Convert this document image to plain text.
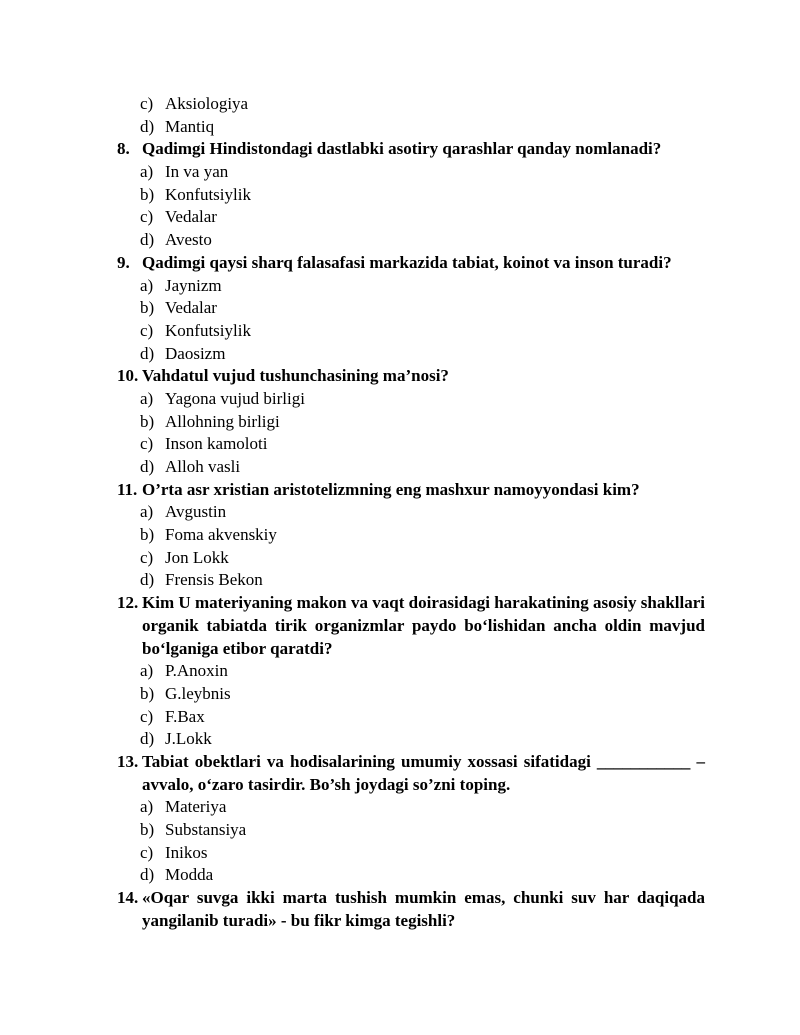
c) Aksiologiya
d) Mantiq
8. Qadimgi Hindistondagi dastlabki asotiry qarashlar qanday nomlanadi?
a) In va yan
b) Konfutsiylik
c) Vedalar
d) Avesto
9. Qadimgi qaysi sharq falasafasi markazida tabiat, koinot va inson turadi?
a) Jaynizm
b) Vedalar
c) Konfutsiylik
d) Daosizm
10. Vahdatul vujud tushunchasining ma’nosi?
a) Yagona vujud birligi
b) Allohning birligi
c) Inson kamoloti
d) Alloh vasli
11. O’rta asr xristian aristotelizmning eng mashxur namoyyondasi kim?
a) Avgustin
b) Foma akvenskiy
c) Jon Lokk
d) Frensis Bekon
12. Kim U materiyaning makon va vaqt doirasidagi harakatining asosiy shakllari organik tabiatda tirik organizmlar paydo bo‘lishidan ancha oldin mavjud bo‘lganiga etibor qaratdi?
a) P.Anoxin
b) G.leybnis
c) F.Bax
d) J.Lokk
13. Tabiat obektlari va hodisalarining umumiy xossasi sifatidagi ___________ – avvalo, o‘zaro tasirdir. Bo’sh joydagi so’zni toping.
a) Materiya
b) Substansiya
c) Inikos
d) Modda
14. «Oqar suvga ikki marta tushish mumkin emas, chunki suv har daqiqada yangilanib turadi» - bu fikr kimga tegishli?
